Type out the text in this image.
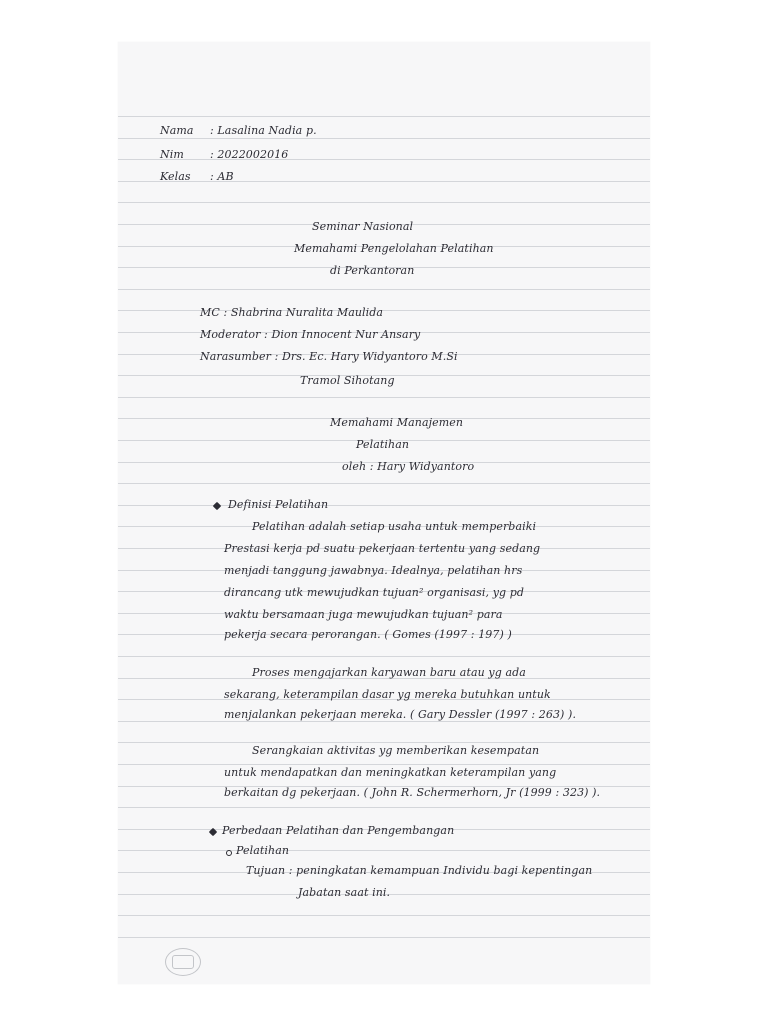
Nama : Lasalina Nadia p.
Nim : 2022002016
Kelas : AB
Seminar Nasional
Memahami Pengelolahan Pelatihan
di Perkantoran
MC : Shabrina Nuralita Maulida
Moderator : Dion Innocent Nur Ansary
Narasumber : Drs. Ec. Hary Widyantoro M.Si
Tramol Sihotang
Memahami Manajemen
Pelatihan
oleh : Hary Widyantoro
Definisi Pelatihan
Pelatihan adalah setiap usaha untuk memperbaiki
Prestasi kerja pd suatu pekerjaan tertentu yang sedang
menjadi tanggung jawabnya. Idealnya, pelatihan hrs
dirancang utk mewujudkan tujuan² organisasi, yg pd
waktu bersamaan juga mewujudkan tujuan² para
pekerja secara perorangan. ( Gomes (1997 : 197) )
Proses mengajarkan karyawan baru atau yg ada
sekarang, keterampilan dasar yg mereka butuhkan untuk
menjalankan pekerjaan mereka. ( Gary Dessler (1997 : 263) ).
Serangkaian aktivitas yg memberikan kesempatan
untuk mendapatkan dan meningkatkan keterampilan yang
berkaitan dg pekerjaan. ( John R. Schermerhorn, Jr (1999 : 323) ).
Perbedaan Pelatihan dan Pengembangan
Pelatihan
Tujuan : peningkatan kemampuan Individu bagi kepentingan
Jabatan saat ini.
